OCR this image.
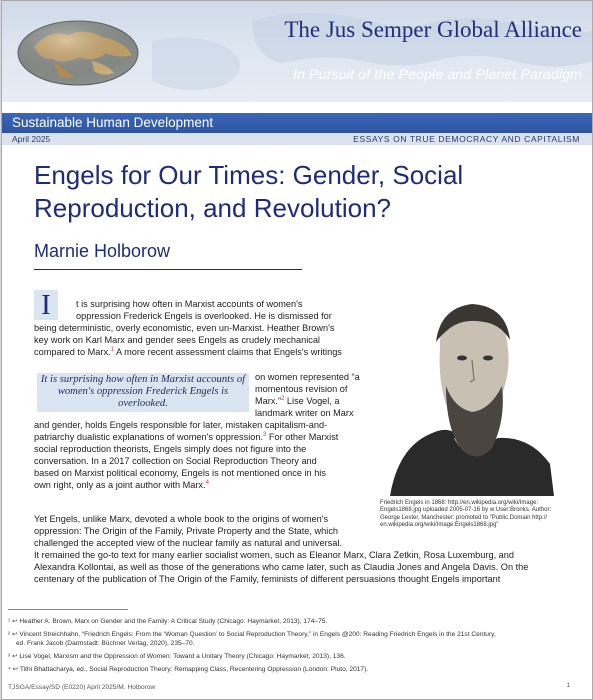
The Jus Semper Global Alliance
In Pursuit of the People and Planet Paradigm
Sustainable Human Development
April 2025	ESSAYS ON TRUE DEMOCRACY AND CAPITALISM
Engels for Our Times: Gender, Social
Reproduction, and Revolution?
Marnie Holborow
I	t is surprising how often in Marxist accounts of women's
oppression Frederick Engels is overlooked. He is dismissed for
being deterministic, overly economistic, even un-Marxist. Heather Brown's
key work on Karl Marx and gender sees Engels as crudely mechanical
compared to Marx.$^1$ A more recent assessment claims that Engels's writings
on women represented “a
momentous revision of
Marx.”$^2$ Lise Vogel, a
landmark writer on Marx
and gender, holds Engels responsible for later, mistaken capitalism-and-
patriarchy dualistic explanations of women's oppression.$^3$ For other Marxist
social reproduction theorists, Engels simply does not figure into the
conversation. In a 2017 collection on Social Reproduction Theory and
based on Marxist political economy, Engels is not mentioned once in his
own right, only as a joint author with Marx.$^4$
Yet Engels, unlike Marx, devoted a whole book to the origins of women's
oppression: The Origin of the Family, Private Property and the State, which
challenged the accepted view of the nuclear family as natural and universal.
It remained the go-to text for many earlier socialist women, such as Eleanor Marx, Clara Zetkin, Rosa Luxemburg, and
Alexandra Kollontai, as well as those of the generations who came later, such as Claudia Jones and Angela Davis. On the
centenary of the publication of The Origin of the Family, feminists of different persuasions thought Engels important
It is surprising how often in Marxist accounts of women's oppression Frederick Engels is overlooked.
Friedrich Engels in 1868: http://en.wikipedia.org/wiki/Image:
Engels1868.jpg uploaded 2005-07-16 by w:User:Bronks. Author:
George Lester, Manchester: promoted to “Public Domain http://
en.wikipedia.org/wiki/Image:Engels1868.jpg”
¹ ↩ Heather A. Brown, Marx on Gender and the Family: A Critical Study (Chicago: Haymarket, 2013), 174–75.
² ↩ Vincent Streichhahn, “Friedrich Engels: From the ‘Woman Question’ to Social Reproduction Theory,” in Engels @200: Reading Friedrich Engels in the 21st Century,
ed. Frank Jacob (Darmstadt: Büchner Verlag, 2020), 235–70.
³ ↩ Lise Vogel, Marxism and the Oppression of Women: Toward a Unitary Theory (Chicago: Haymarket, 2013), 136.
⁴ ↩ Tithi Bhattacharya, ed., Social Reproduction Theory: Remapping Class, Recentering Oppression (London: Pluto, 2017).
TJSGA/Essay/SD (E0220) April 2025/M. Holborow	1
